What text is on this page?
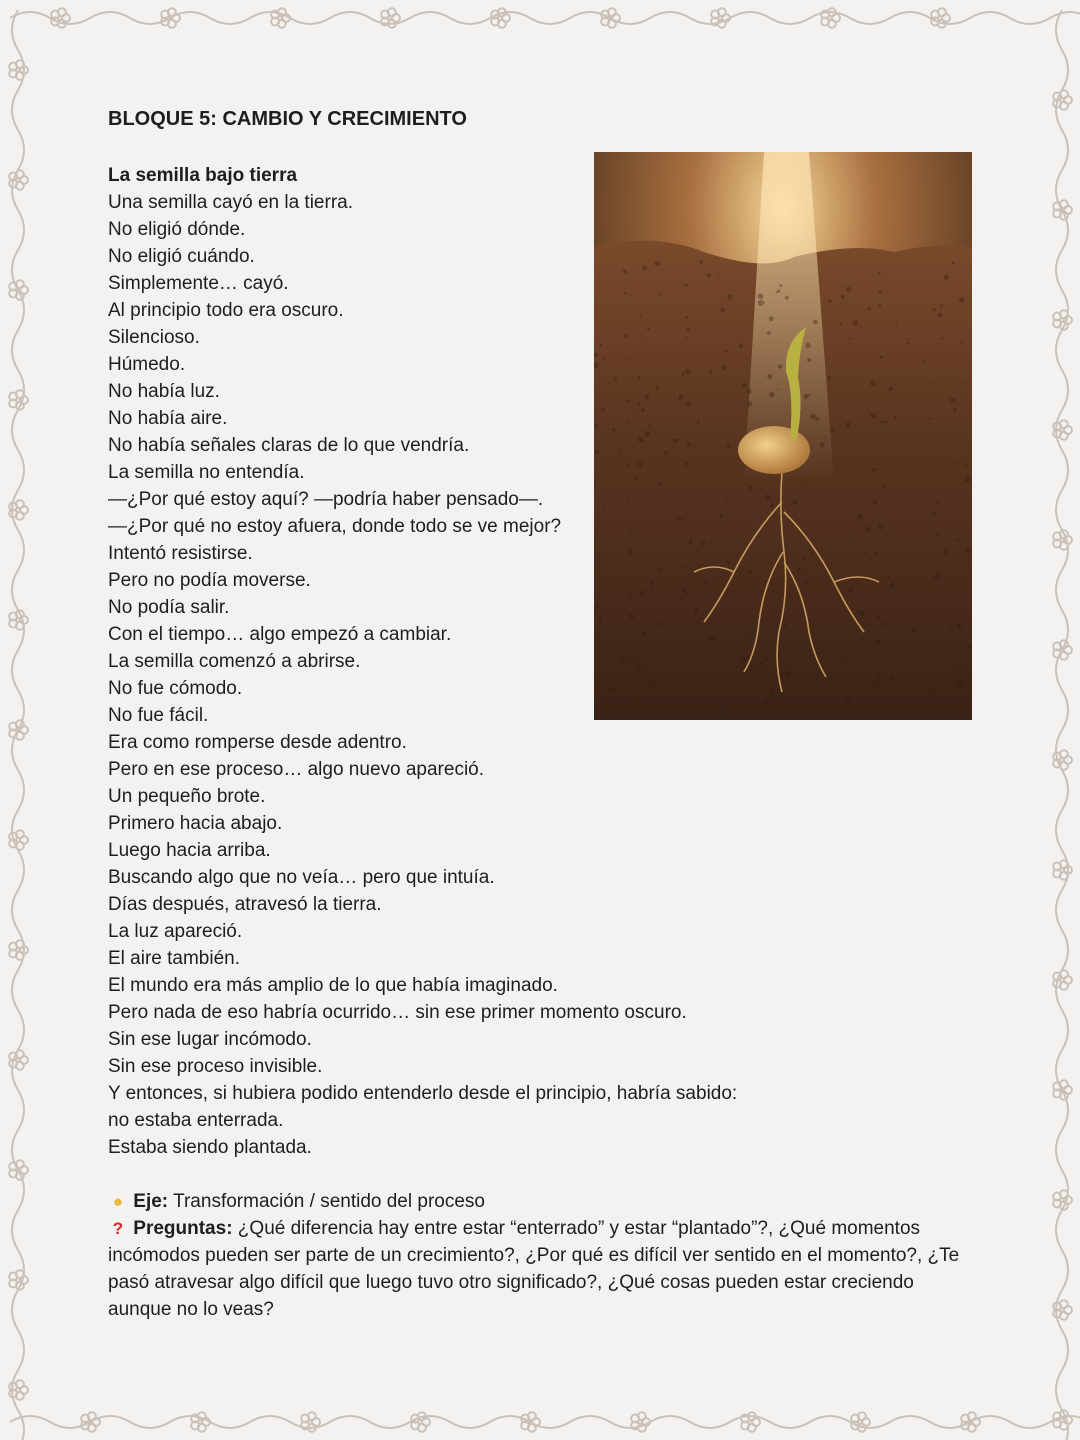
BLOQUE 5: CAMBIO Y CRECIMIENTO
La semilla bajo tierra
Una semilla cayó en la tierra.
No eligió dónde.
No eligió cuándo.
Simplemente… cayó.
Al principio todo era oscuro.
Silencioso.
Húmedo.
No había luz.
No había aire.
No había señales claras de lo que vendría.
La semilla no entendía.
—¿Por qué estoy aquí? —podría haber pensado—.
—¿Por qué no estoy afuera, donde todo se ve mejor?
Intentó resistirse.
Pero no podía moverse.
No podía salir.
Con el tiempo… algo empezó a cambiar.
La semilla comenzó a abrirse.
No fue cómodo.
No fue fácil.
Era como romperse desde adentro.
Pero en ese proceso… algo nuevo apareció.
Un pequeño brote.
Primero hacia abajo.
Luego hacia arriba.
Buscando algo que no veía… pero que intuía.
Días después, atravesó la tierra.
La luz apareció.
El aire también.
El mundo era más amplio de lo que había imaginado.
Pero nada de eso habría ocurrido… sin ese primer momento oscuro.
Sin ese lugar incómodo.
Sin ese proceso invisible.
Y entonces, si hubiera podido entenderlo desde el principio, habría sabido:
no estaba enterrada.
Estaba siendo plantada.
● Eje: Transformación / sentido del proceso
? Preguntas: ¿Qué diferencia hay entre estar “enterrado” y estar “plantado”?, ¿Qué momentos incómodos pueden ser parte de un crecimiento?, ¿Por qué es difícil ver sentido en el momento?, ¿Te pasó atravesar algo difícil que luego tuvo otro significado?, ¿Qué cosas pueden estar creciendo aunque no lo veas?
